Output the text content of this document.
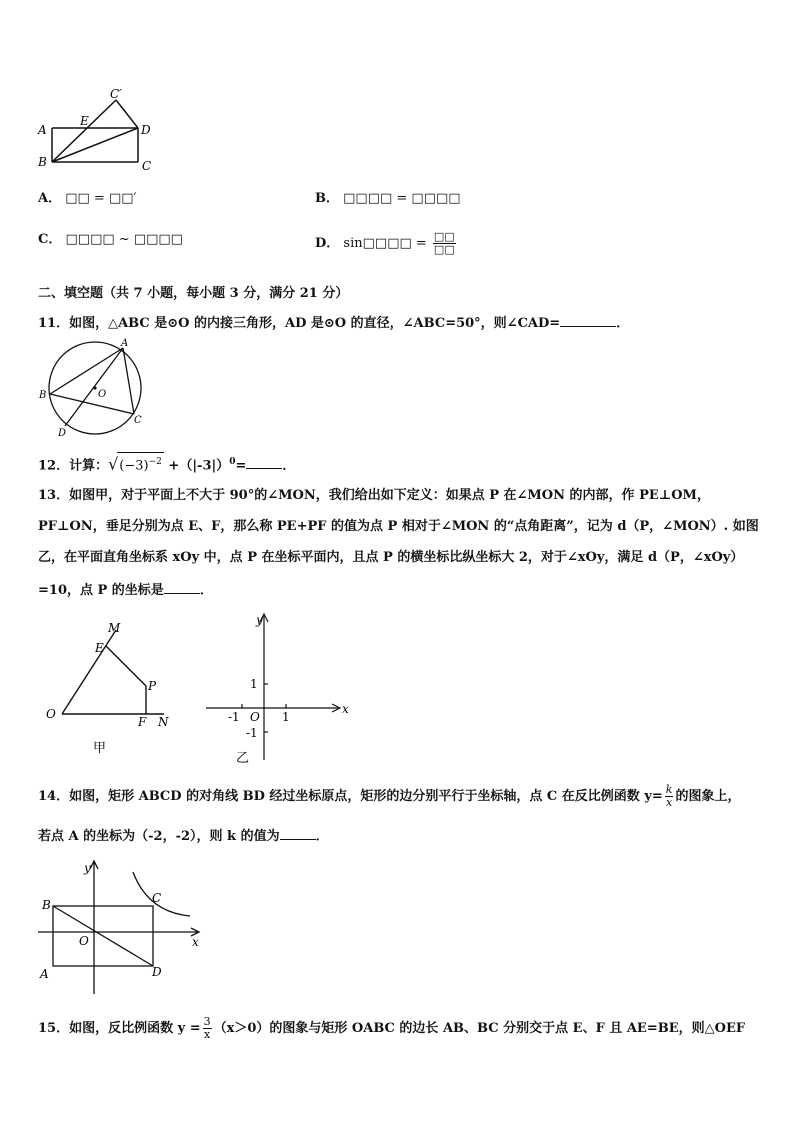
A
B	C
D
E
C′
A． □□ = □□′	B． □□□□ = □□□□
C． □□□□ ~ □□□□	D． sin□□□□ = $\frac{□□}{□□}$
二、填空题（共 7 小题，每小题 3 分，满分 21 分）
11．如图，△ABC 是⊙O 的内接三角形，AD 是⊙O 的直径，∠ABC=50°，则∠CAD=	．
A
B
C
D
O
12．计算：$√(-3)^{-2} +(|-3|)^0=$	．
13．如图甲，对于平面上不大于 90°的∠MON，我们给出如下定义：如果点 P 在∠MON 的内部，作 PE⊥OM，
PF⊥ON，垂足分别为点 E、F，那么称 PE+PF 的值为点 P 相对于∠MON 的“点角距离”，记为 d（P，∠MON）. 如图
乙，在平面直角坐标系 xOy 中，点 P 在坐标平面内，且点 P 的横坐标比纵坐标大 2，对于∠xOy，满足 d（P，∠xOy）
=10，点 P 的坐标是	．
M
E
P
O
F N
甲
y
x
O
1
-1
1
-1
乙
14．如图，矩形 ABCD 的对角线 BD 经过坐标原点，矩形的边分别平行于坐标轴，点 C 在反比例函数 $y= \frac{k}{x}$ 的图象上，
若点 A 的坐标为（-2，-2），则 k 的值为	．
y
x
O
A
B	C
D
15．如图，反比例函数 $y = \frac{3}{x} (x>0)$的图象与矩形 OABC 的边长 AB、BC 分别交于点 E、F 且 AE=BE，则△OEF
